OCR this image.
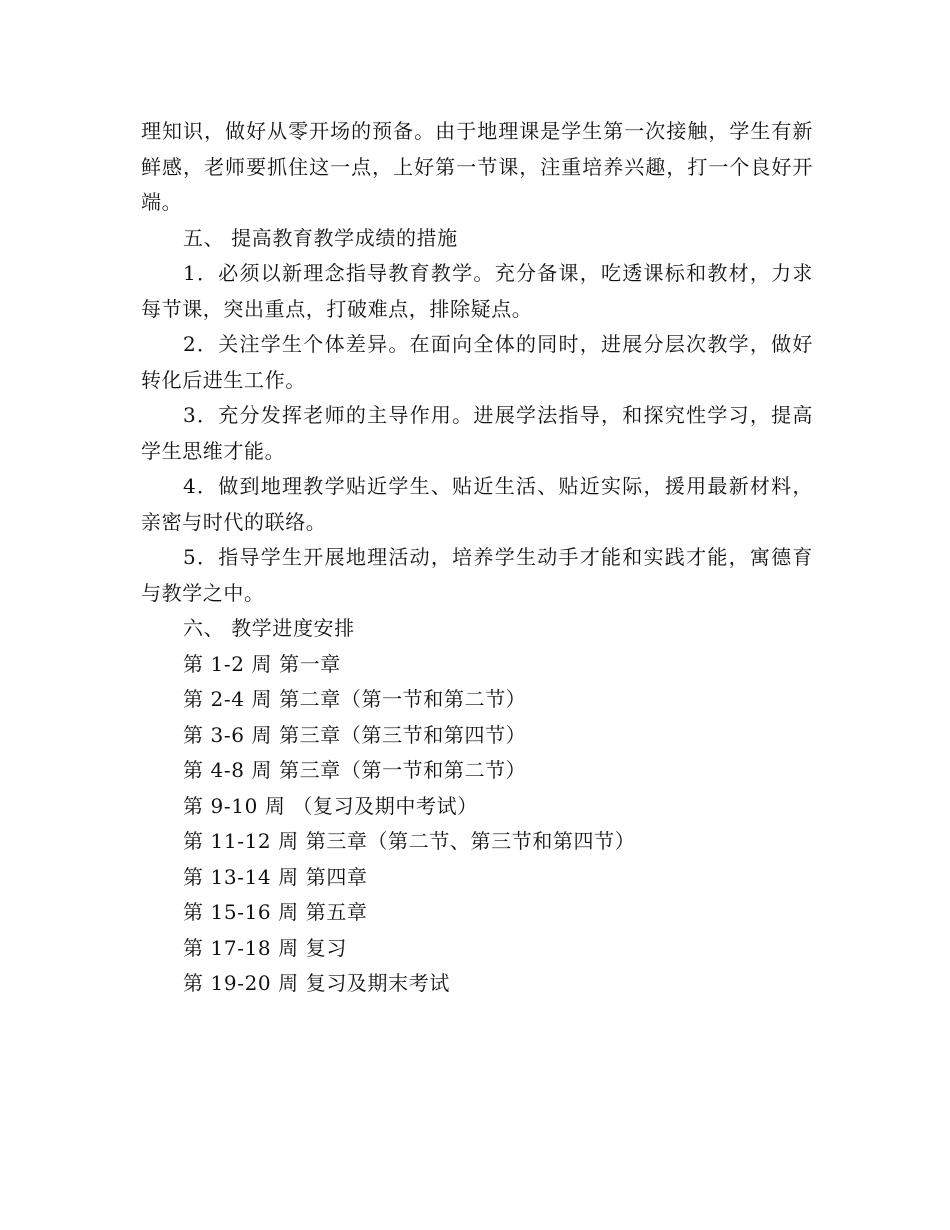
理知识，做好从零开场的预备。由于地理课是学生第一次接触，学生有新鲜感，老师要抓住这一点，上好第一节课，注重培养兴趣，打一个良好开端。

五、 提高教育教学成绩的措施

1．必须以新理念指导教育教学。充分备课，吃透课标和教材，力求每节课，突出重点，打破难点，排除疑点。

2．关注学生个体差异。在面向全体的同时，进展分层次教学，做好转化后进生工作。

3．充分发挥老师的主导作用。进展学法指导，和探究性学习，提高学生思维才能。

4．做到地理教学贴近学生、贴近生活、贴近实际，援用最新材料，亲密与时代的联络。

5．指导学生开展地理活动，培养学生动手才能和实践才能，寓德育与教学之中。

六、 教学进度安排

第 1-2 周 第一章

第 2-4 周 第二章（第一节和第二节）

第 3-6 周 第三章（第三节和第四节）

第 4-8 周 第三章（第一节和第二节）

第 9-10 周 （复习及期中考试）

第 11-12 周 第三章（第二节、第三节和第四节）

第 13-14 周 第四章

第 15-16 周 第五章

第 17-18 周 复习

第 19-20 周 复习及期末考试
